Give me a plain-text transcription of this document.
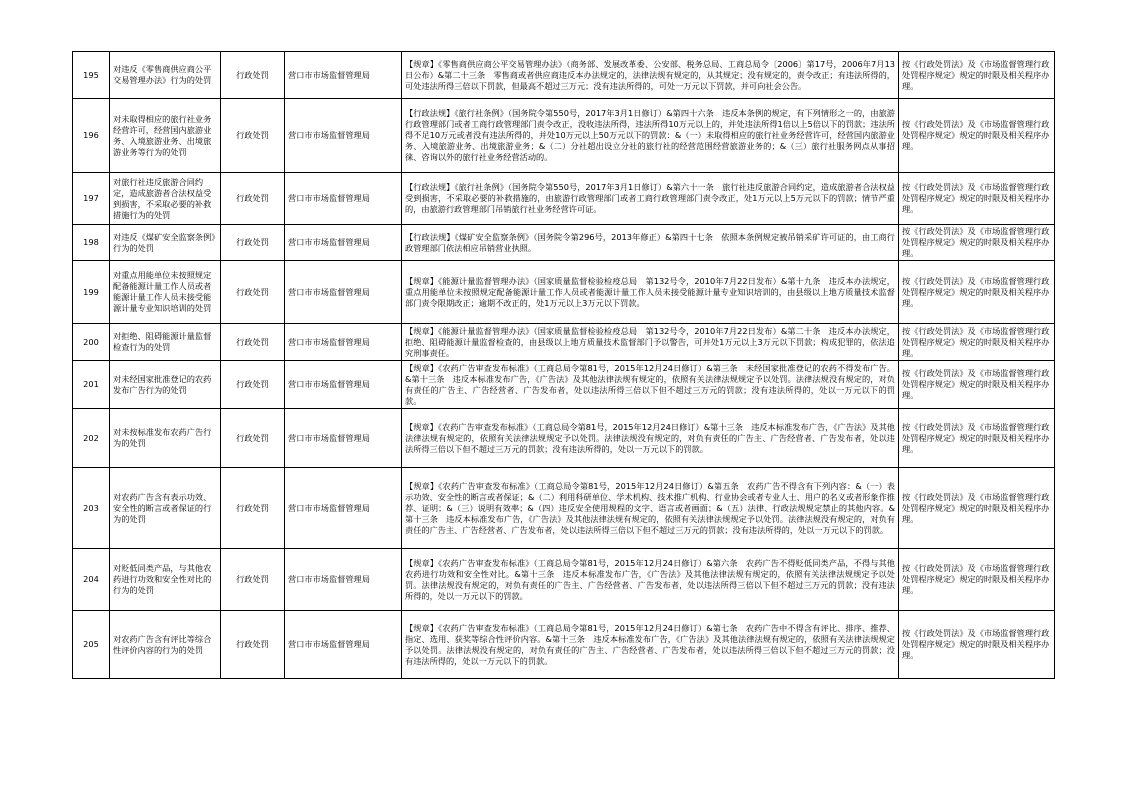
195	对违反《零售商供应商公平交易管理办法》行为的处罚	行政处罚	营口市市场监督管理局	【规章】《零售商供应商公平交易管理办法》（商务部、发展改革委、公安部、税务总局、工商总局令〔2006〕第17号，2006年7月13日公布）&第二十三条　零售商或者供应商违反本办法规定的，法律法规有规定的，从其规定；没有规定的，责令改正；有违法所得的，可处违法所得三倍以下罚款，但最高不超过三万元；没有违法所得的，可处一万元以下罚款，并可向社会公告。	按《行政处罚法》及《市场监督管理行政处罚程序规定》规定的时限及相关程序办理。
196	对未取得相应的旅行社业务经营许可，经营国内旅游业务、入境旅游业务、出境旅游业务等行为的处罚	行政处罚	营口市市场监督管理局	【行政法规】《旅行社条例》（国务院令第550号，2017年3月1日修订）&第四十六条　违反本条例的规定，有下列情形之一的，由旅游行政管理部门或者工商行政管理部门责令改正，没收违法所得，违法所得10万元以上的，并处违法所得1倍以上5倍以下的罚款；违法所得不足10万元或者没有违法所得的，并处10万元以上50万元以下的罚款：&（一）未取得相应的旅行社业务经营许可，经营国内旅游业务、入境旅游业务、出境旅游业务；&（二）分社超出设立分社的旅行社的经营范围经营旅游业务的；&（三）旅行社服务网点从事招徕、咨询以外的旅行社业务经营活动的。	按《行政处罚法》及《市场监督管理行政处罚程序规定》规定的时限及相关程序办理。
197	对旅行社违反旅游合同约定，造成旅游者合法权益受到损害，不采取必要的补救措施行为的处罚	行政处罚	营口市市场监督管理局	【行政法规】《旅行社条例》（国务院令第550号，2017年3月1日修订）&第六十一条　旅行社违反旅游合同约定，造成旅游者合法权益受到损害，不采取必要的补救措施的，由旅游行政管理部门或者工商行政管理部门责令改正，处1万元以上5万元以下的罚款；情节严重的，由旅游行政管理部门吊销旅行社业务经营许可证。	按《行政处罚法》及《市场监督管理行政处罚程序规定》规定的时限及相关程序办理。
198	对违反《煤矿安全监察条例》行为的处罚	行政处罚	营口市市场监督管理局	【行政法规】《煤矿安全监察条例》（国务院令第296号，2013年修正）&第四十七条　依照本条例规定被吊销采矿许可证的，由工商行政管理部门依法相应吊销营业执照。	按《行政处罚法》及《市场监督管理行政处罚程序规定》规定的时限及相关程序办理。
199	对重点用能单位未按照规定配备能源计量工作人员或者能源计量工作人员未接受能源计量专业知识培训的处罚	行政处罚	营口市市场监督管理局	【规章】《能源计量监督管理办法》（国家质量监督检验检疫总局　第132号令，2010年7月22日发布）&第十九条　违反本办法规定，重点用能单位未按照规定配备能源计量工作人员或者能源计量工作人员未接受能源计量专业知识培训的，由县级以上地方质量技术监督部门责令限期改正；逾期不改正的，处1万元以上3万元以下罚款。	按《行政处罚法》及《市场监督管理行政处罚程序规定》规定的时限及相关程序办理。
200	对拒绝、阻碍能源计量监督检查行为的处罚	行政处罚	营口市市场监督管理局	【规章】《能源计量监督管理办法》（国家质量监督检验检疫总局　第132号令，2010年7月22日发布）&第二十条　违反本办法规定，拒绝、阻碍能源计量监督检查的，由县级以上地方质量技术监督部门予以警告，可并处1万元以上3万元以下罚款；构成犯罪的，依法追究刑事责任。	按《行政处罚法》及《市场监督管理行政处罚程序规定》规定的时限及相关程序办理。
201	对未经国家批准登记的农药发布广告行为的处罚	行政处罚	营口市市场监督管理局	【规章】《农药广告审查发布标准》（工商总局令第81号，2015年12月24日修订）&第三条　未经国家批准登记的农药不得发布广告。&第十三条　违反本标准发布广告，《广告法》及其他法律法规有规定的，依照有关法律法规规定予以处罚。法律法规没有规定的，对负有责任的广告主、广告经营者、广告发布者，处以违法所得三倍以下但不超过三万元的罚款；没有违法所得的，处以一万元以下的罚款。	按《行政处罚法》及《市场监督管理行政处罚程序规定》规定的时限及相关程序办理。
202	对未按标准发布农药广告行为的处罚	行政处罚	营口市市场监督管理局	【规章】《农药广告审查发布标准》（工商总局令第81号，2015年12月24日修订）&第十三条　违反本标准发布广告，《广告法》及其他法律法规有规定的，依照有关法律法规规定予以处罚。法律法规没有规定的，对负有责任的广告主、广告经营者、广告发布者，处以违法所得三倍以下但不超过三万元的罚款；没有违法所得的，处以一万元以下的罚款。	按《行政处罚法》及《市场监督管理行政处罚程序规定》规定的时限及相关程序办理。
203	对农药广告含有表示功效、安全性的断言或者保证的行为的处罚	行政处罚	营口市市场监督管理局	【规章】《农药广告审查发布标准》（工商总局令第81号，2015年12月24日修订）&第五条　农药广告不得含有下列内容：&（一）表示功效、安全性的断言或者保证；&（二）利用科研单位、学术机构、技术推广机构、行业协会或者专业人士、用户的名义或者形象作推荐、证明；&（三）说明有效率；&（四）违反安全使用规程的文字、语言或者画面；&（五）法律、行政法规规定禁止的其他内容。&第十三条　违反本标准发布广告，《广告法》及其他法律法规有规定的，依照有关法律法规规定予以处罚。法律法规没有规定的，对负有责任的广告主、广告经营者、广告发布者，处以违法所得三倍以下但不超过三万元的罚款；没有违法所得的，处以一万元以下的罚款。	按《行政处罚法》及《市场监督管理行政处罚程序规定》规定的时限及相关程序办理。
204	对贬低同类产品，与其他农药进行功效和安全性对比的行为的处罚	行政处罚	营口市市场监督管理局	【规章】《农药广告审查发布标准》（工商总局令第81号，2015年12月24日修订）&第六条　农药广告不得贬低同类产品，不得与其他农药进行功效和安全性对比。&第十三条　违反本标准发布广告，《广告法》及其他法律法规有规定的，依照有关法律法规规定予以处罚。法律法规没有规定的，对负有责任的广告主、广告经营者、广告发布者，处以违法所得三倍以下但不超过三万元的罚款；没有违法所得的，处以一万元以下的罚款。	按《行政处罚法》及《市场监督管理行政处罚程序规定》规定的时限及相关程序办理。
205	对农药广告含有评比等综合性评价内容的行为的处罚	行政处罚	营口市市场监督管理局	【规章】《农药广告审查发布标准》（工商总局令第81号，2015年12月24日修订）&第七条　农药广告中不得含有评比、排序、推荐、指定、选用、获奖等综合性评价内容。&第十三条　违反本标准发布广告，《广告法》及其他法律法规有规定的，依照有关法律法规规定予以处罚。法律法规没有规定的，对负有责任的广告主、广告经营者、广告发布者，处以违法所得三倍以下但不超过三万元的罚款；没有违法所得的，处以一万元以下的罚款。	按《行政处罚法》及《市场监督管理行政处罚程序规定》规定的时限及相关程序办理。
